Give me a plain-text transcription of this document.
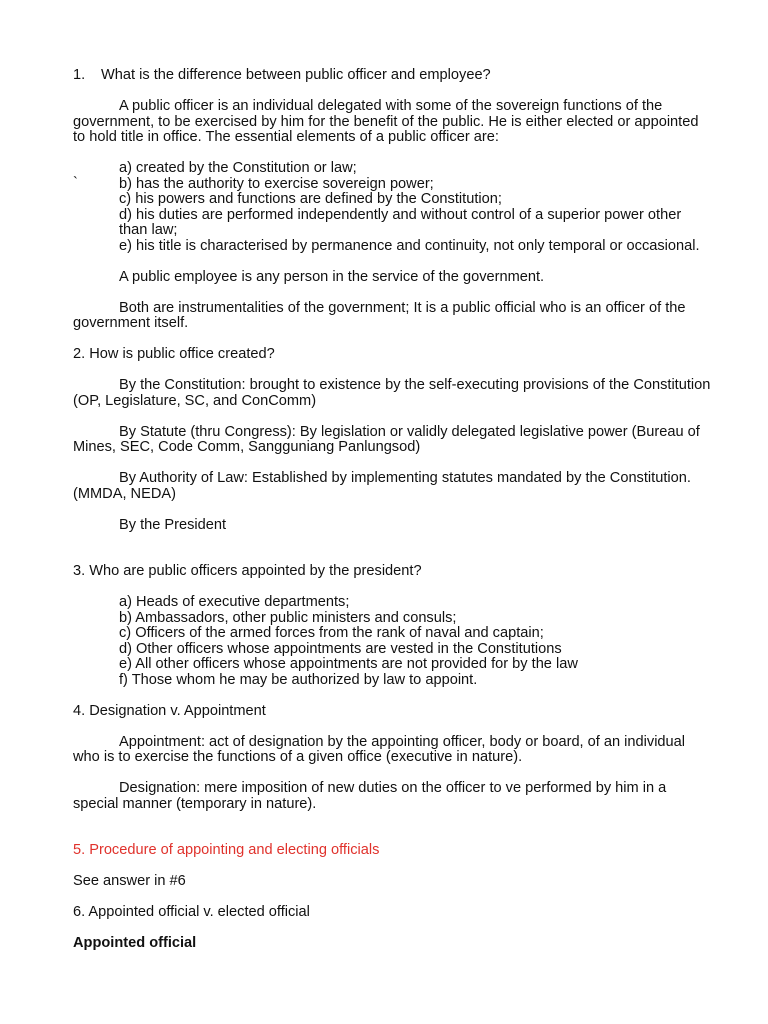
1. What is the difference between public officer and employee?

A public officer is an individual delegated with some of the sovereign functions of the government, to be exercised by him for the benefit of the public. He is either elected or appointed to hold title in office. The essential elements of a public officer are:

`
a) created by the Constitution or law;
b) has the authority to exercise sovereign power;
c) his powers and functions are defined by the Constitution;
d) his duties are performed independently and without control of a superior power other than law;
e) his title is characterised by permanence and continuity, not only temporal or occasional.

A public employee is any person in the service of the government.

Both are instrumentalities of the government; It is a public official who is an officer of the government itself.

2. How is public office created?

By the Constitution: brought to existence by the self-executing provisions of the Constitution (OP, Legislature, SC, and ConComm)

By Statute (thru Congress): By legislation or validly delegated legislative power (Bureau of Mines, SEC, Code Comm, Sangguniang Panlungsod)

By Authority of Law: Established by implementing statutes mandated by the Constitution. (MMDA, NEDA)

By the President

3. Who are public officers appointed by the president?

a) Heads of executive departments;
b) Ambassadors, other public ministers and consuls;
c) Officers of the armed forces from the rank of naval and captain;
d) Other officers whose appointments are vested in the Constitutions
e) All other officers whose appointments are not provided for by the law
f) Those whom he may be authorized by law to appoint.

4. Designation v. Appointment

Appointment: act of designation by the appointing officer, body or board, of an individual who is to exercise the functions of a given office (executive in nature).

Designation: mere imposition of new duties on the officer to ve performed by him in a special manner (temporary in nature).

5. Procedure of appointing and electing officials

See answer in #6

6. Appointed official v. elected official

Appointed official
